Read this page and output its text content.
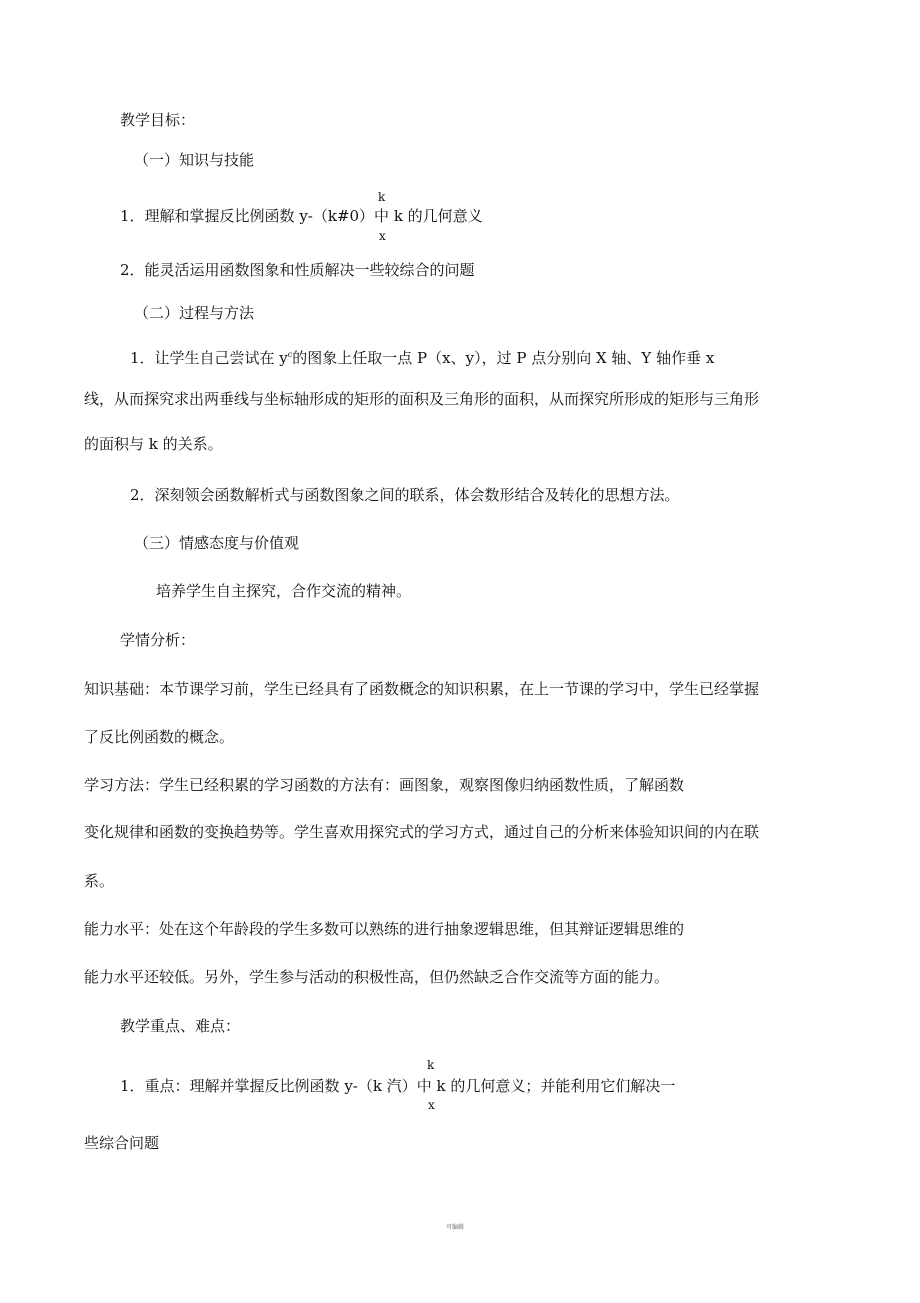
教学目标：
（一）知识与技能
k
1．理解和掌握反比例函数 y-（k#0）中 k 的几何意义
x
2．能灵活运用函数图象和性质解决一些较综合的问题
（二）过程与方法
1．让学生自己尝试在 $y^c$的图象上任取一点 P（x、y），过 P 点分别向 X 轴、Y 轴作垂 x
线，从而探究求出两垂线与坐标轴形成的矩形的面积及三角形的面积，从而探究所形成的矩形与三角形
的面积与 k 的关系。
2．深刻领会函数解析式与函数图象之间的联系，体会数形结合及转化的思想方法。
（三）情感态度与价值观
培养学生自主探究，合作交流的精神。
学情分析：
知识基础：本节课学习前，学生已经具有了函数概念的知识积累，在上一节课的学习中，学生已经掌握
了反比例函数的概念。
学习方法：学生已经积累的学习函数的方法有：画图象，观察图像归纳函数性质，了解函数
变化规律和函数的变换趋势等。学生喜欢用探究式的学习方式，通过自己的分析来体验知识间的内在联
系。
能力水平：处在这个年龄段的学生多数可以熟练的进行抽象逻辑思维，但其辩证逻辑思维的
能力水平还较低。另外，学生参与活动的积极性高，但仍然缺乏合作交流等方面的能力。
教学重点、难点：
k
1．重点：理解并掌握反比例函数 y-（k 汽）中 k 的几何意义；并能利用它们解决一
x
些综合问题
可编辑
